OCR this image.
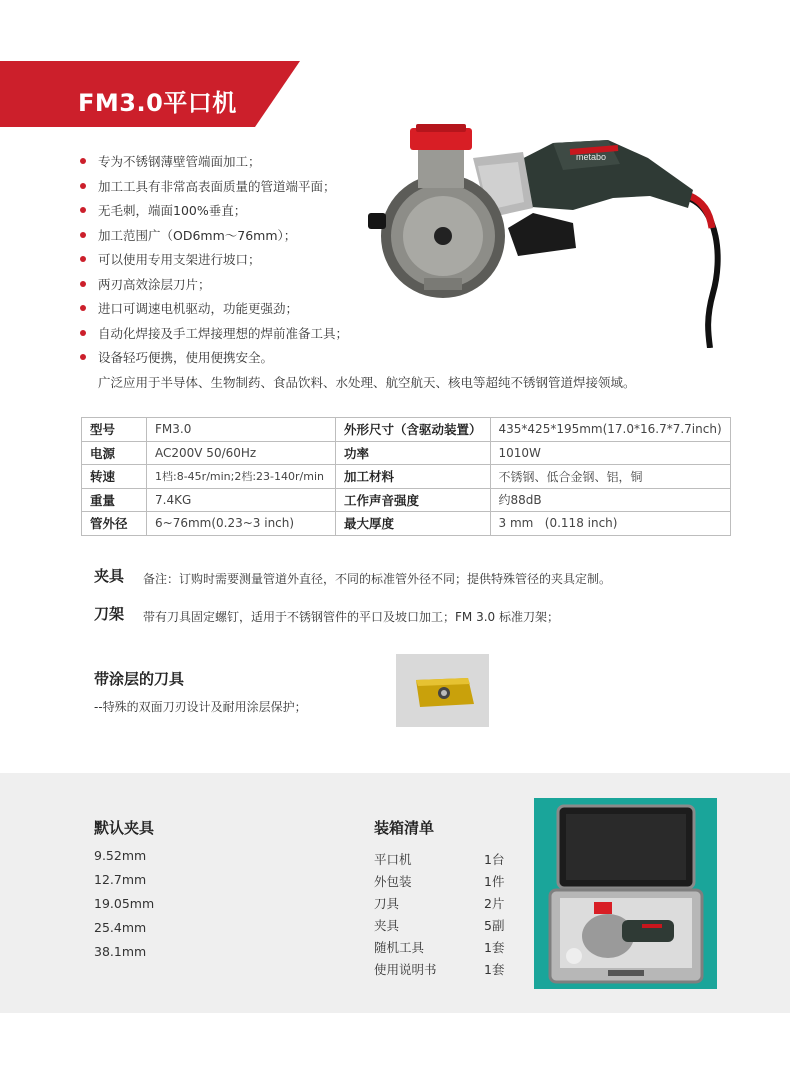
FM3.0平口机
专为不锈钢薄壁管端面加工；
加工工具有非常高表面质量的管道端平面；
无毛刺，端面100%垂直；
加工范围广（OD6mm～76mm）；
可以使用专用支架进行坡口；
两刃高效涂层刀片；
进口可调速电机驱动，功能更强劲；
自动化焊接及手工焊接理想的焊前准备工具；
设备轻巧便携，使用便携安全。
广泛应用于半导体、生物制药、食品饮料、水处理、航空航天、核电等超纯不锈钢管道焊接领域。
metabo
型号	FM3.0	外形尺寸（含驱动装置）	435*425*195mm(17.0*16.7*7.7inch)
电源	AC200V 50/60Hz	功率	1010W
转速	1档:8-45r/min;2档:23-140r/min	加工材料	不锈钢、低合金钢、铝，铜
重量	7.4KG	工作声音强度	约88dB
管外径	6~76mm(0.23~3 inch)	最大厚度	3 mm   (0.118 inch)
夹具 备注：订购时需要测量管道外直径，不同的标准管外径不同；提供特殊管径的夹具定制。
刀架 带有刀具固定螺钉，适用于不锈钢管件的平口及坡口加工；FM 3.0 标准刀架；
带涂层的刀具
--特殊的双面刀刃设计及耐用涂层保护；
默认夹具
9.52mm
12.7mm
19.05mm
25.4mm
38.1mm
装箱清单
平口机	1台
外包装	1件
刀具	2片
夹具	5副
随机工具	1套
使用说明书	1套
